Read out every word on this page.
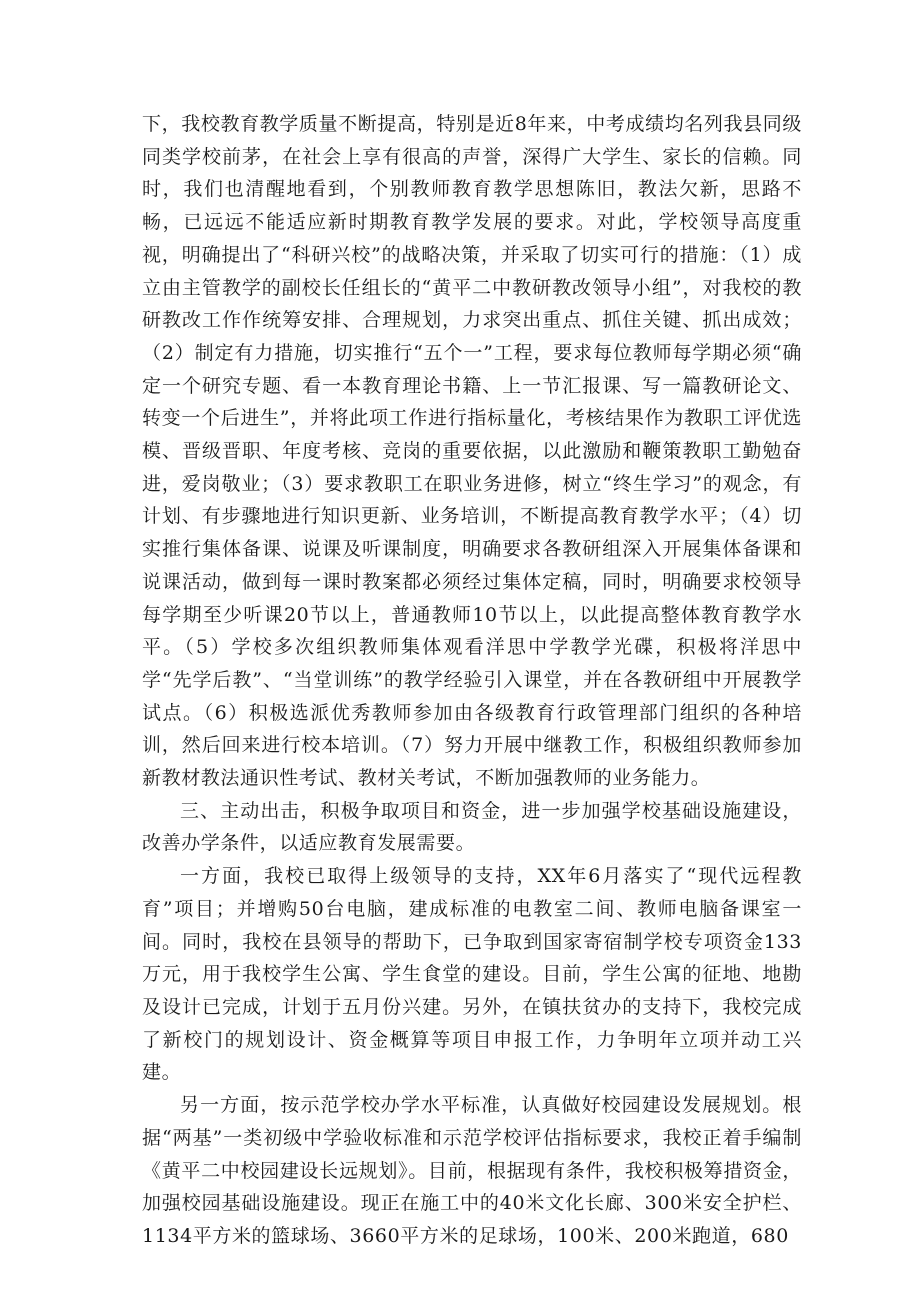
下，我校教育教学质量不断提高，特别是近8年来，中考成绩均名列我县同级同类学校前茅，在社会上享有很高的声誉，深得广大学生、家长的信赖。同时，我们也清醒地看到，个别教师教育教学思想陈旧，教法欠新，思路不畅，已远远不能适应新时期教育教学发展的要求。对此，学校领导高度重视，明确提出了“科研兴校”的战略决策，并采取了切实可行的措施：（1）成立由主管教学的副校长任组长的“黄平二中教研教改领导小组”，对我校的教研教改工作作统筹安排、合理规划，力求突出重点、抓住关键、抓出成效；（2）制定有力措施，切实推行“五个一”工程，要求每位教师每学期必须“确定一个研究专题、看一本教育理论书籍、上一节汇报课、写一篇教研论文、转变一个后进生”，并将此项工作进行指标量化，考核结果作为教职工评优选模、晋级晋职、年度考核、竞岗的重要依据，以此激励和鞭策教职工勤勉奋进，爱岗敬业；（3）要求教职工在职业务进修，树立“终生学习”的观念，有计划、有步骤地进行知识更新、业务培训，不断提高教育教学水平；（4）切实推行集体备课、说课及听课制度，明确要求各教研组深入开展集体备课和说课活动，做到每一课时教案都必须经过集体定稿，同时，明确要求校领导每学期至少听课20节以上，普通教师10节以上，以此提高整体教育教学水平。（5）学校多次组织教师集体观看洋思中学教学光碟，积极将洋思中学“先学后教”、“当堂训练”的教学经验引入课堂，并在各教研组中开展教学试点。（6）积极选派优秀教师参加由各级教育行政管理部门组织的各种培训，然后回来进行校本培训。（7）努力开展中继教工作，积极组织教师参加新教材教法通识性考试、教材关考试，不断加强教师的业务能力。

三、主动出击，积极争取项目和资金，进一步加强学校基础设施建设，改善办学条件，以适应教育发展需要。

一方面，我校已取得上级领导的支持，XX年6月落实了“现代远程教育”项目；并增购50台电脑，建成标准的电教室二间、教师电脑备课室一间。同时，我校在县领导的帮助下，已争取到国家寄宿制学校专项资金133万元，用于我校学生公寓、学生食堂的建设。目前，学生公寓的征地、地勘及设计已完成，计划于五月份兴建。另外，在镇扶贫办的支持下，我校完成了新校门的规划设计、资金概算等项目申报工作，力争明年立项并动工兴建。

另一方面，按示范学校办学水平标准，认真做好校园建设发展规划。根据“两基”一类初级中学验收标准和示范学校评估指标要求，我校正着手编制《黄平二中校园建设长远规划》。目前，根据现有条件，我校积极筹措资金，加强校园基础设施建设。现正在施工中的40米文化长廊、300米安全护栏、1134平方米的篮球场、3660平方米的足球场，100米、200米跑道，680
